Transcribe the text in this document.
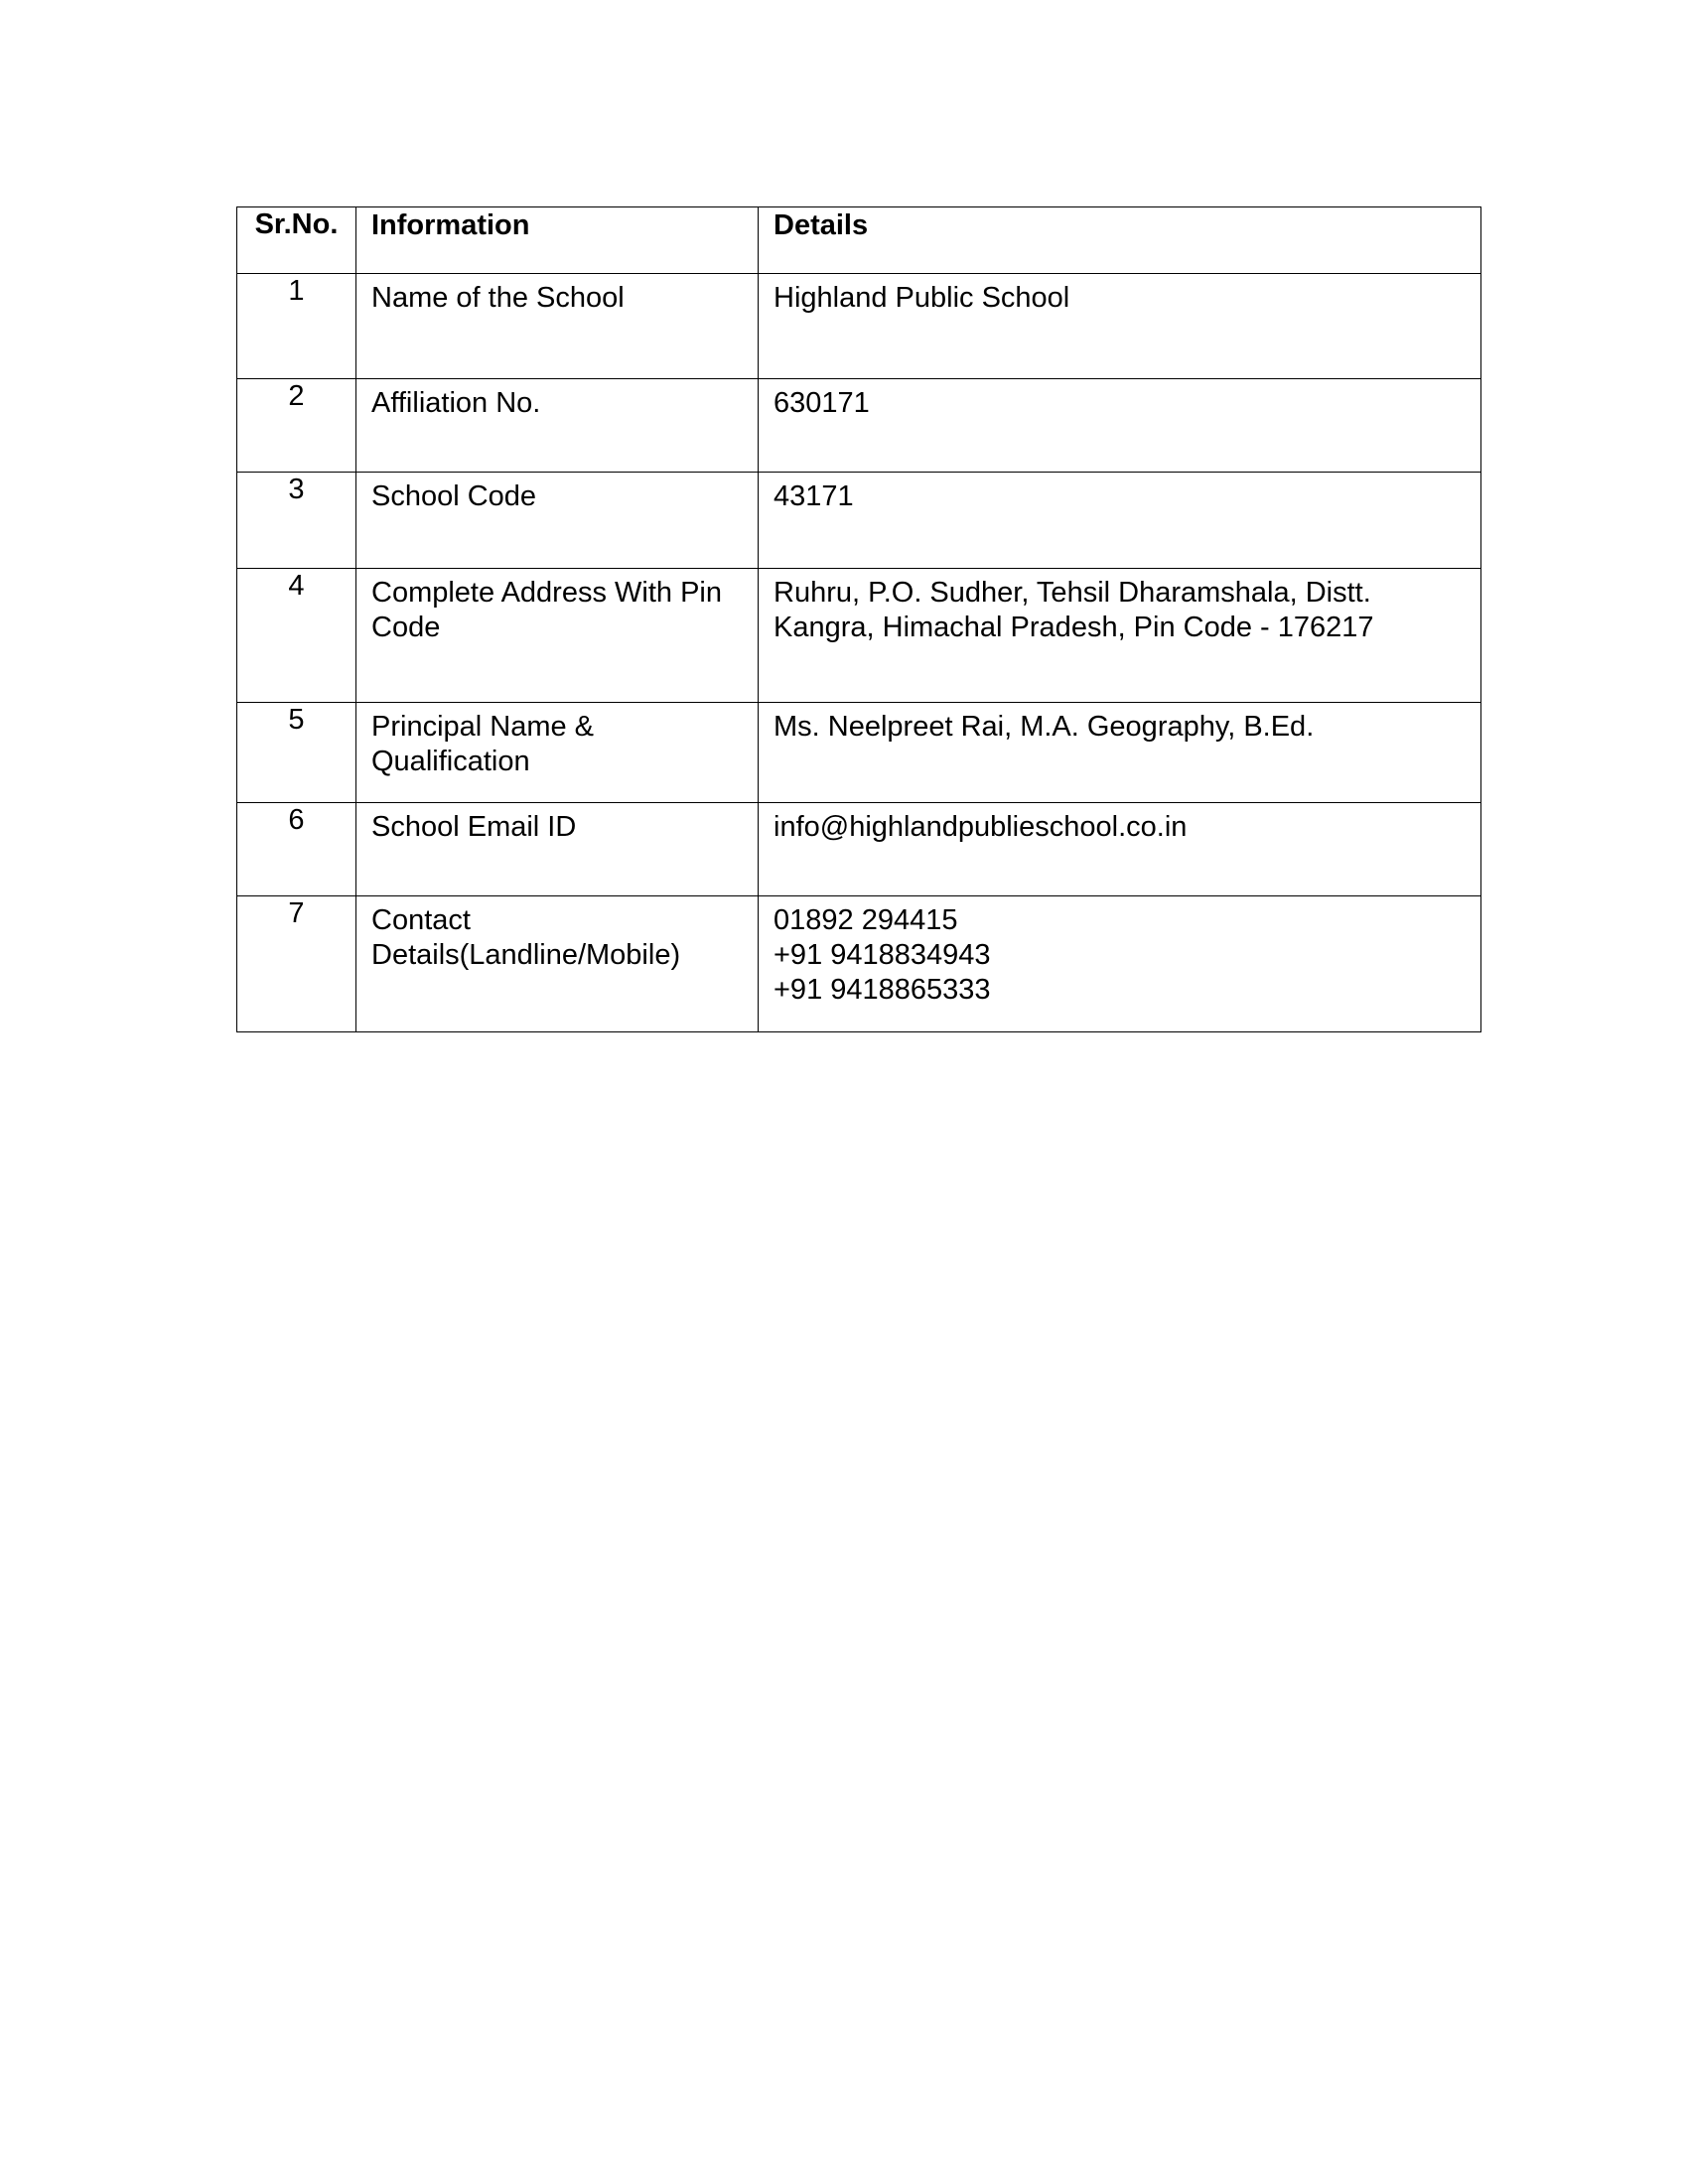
Sr.No.	Information	Details
1	Name of the School	Highland Public School

2	Affiliation No.	630171

3	School Code	43171

4	Complete Address With Pin Code	Ruhru, P.O. Sudher, Tehsil Dharamshala, Distt. Kangra, Himachal Pradesh, Pin Code - 176217

5	Principal Name & Qualification	Ms. Neelpreet Rai, M.A. Geography, B.Ed.

6	School Email ID	info@highlandpublieschool.co.in

7	Contact Details(Landline/Mobile)	01892 294415
+91 9418834943
+91 9418865333
